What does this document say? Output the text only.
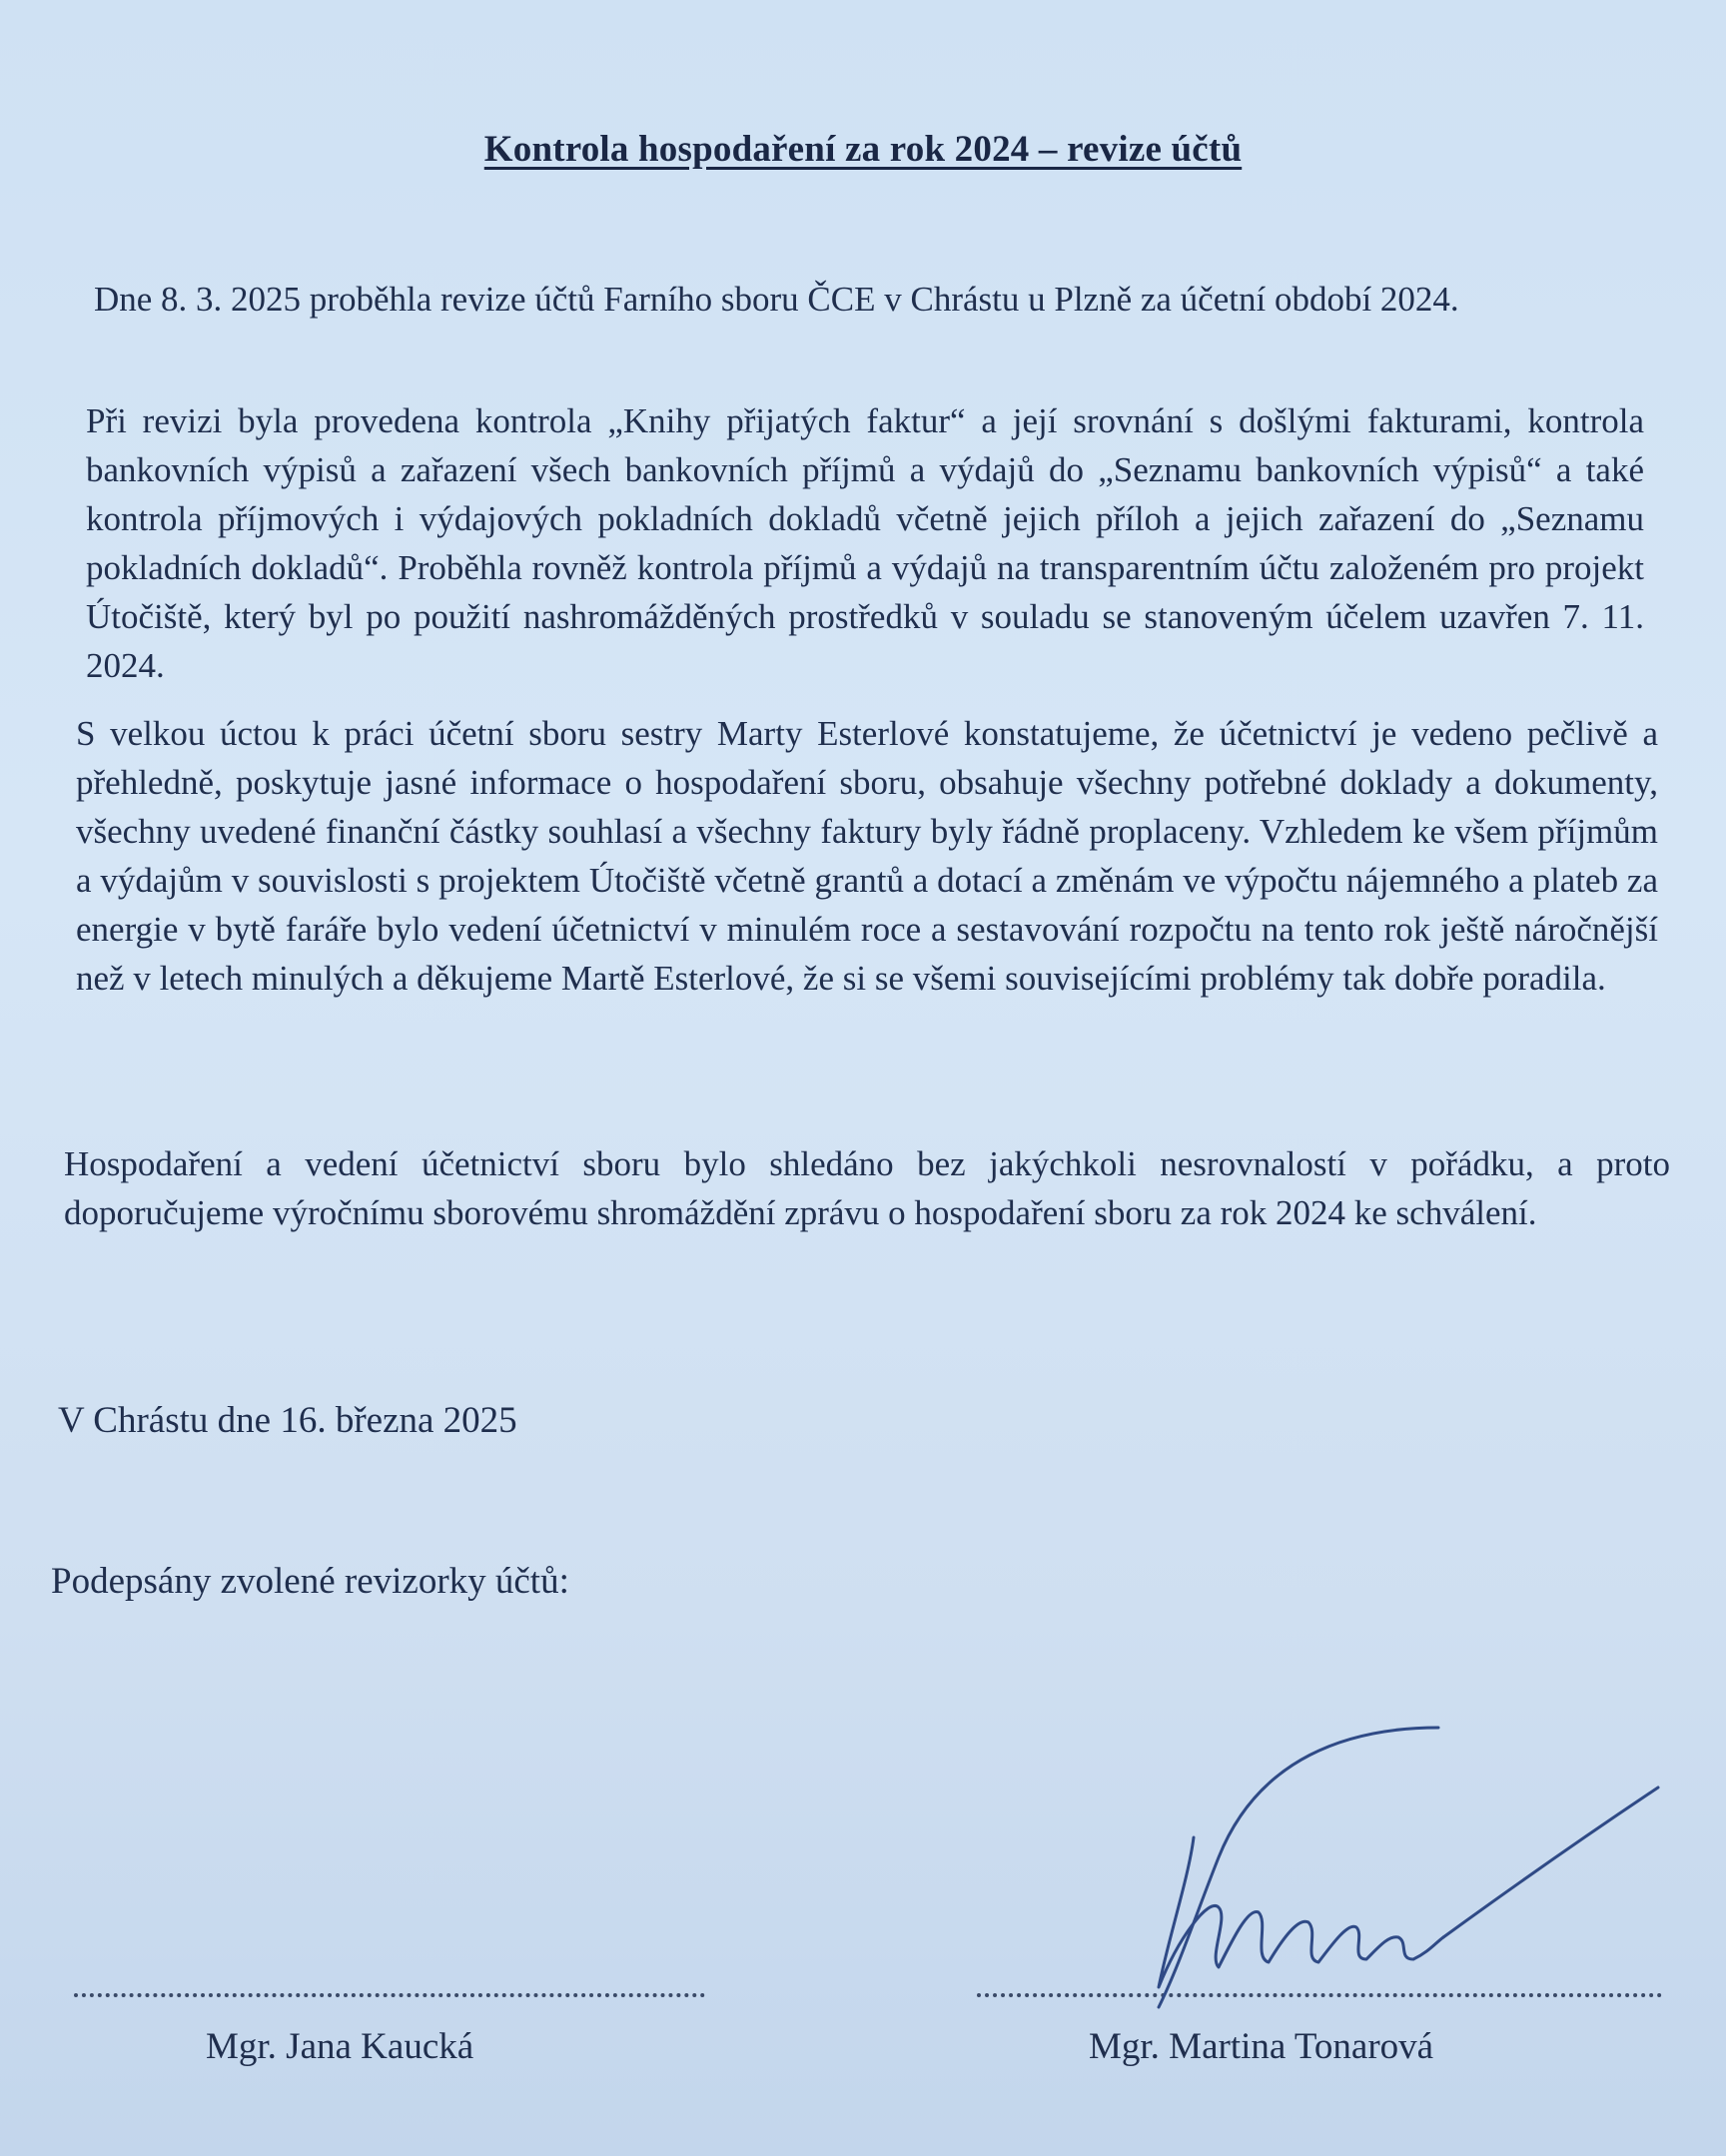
Kontrola hospodaření za rok 2024 – revize účtů

Dne 8. 3. 2025 proběhla revize účtů Farního sboru ČCE v Chrástu u Plzně za účetní období 2024.

Při revizi byla provedena kontrola „Knihy přijatých faktur“ a její srovnání s došlými fakturami, kontrola bankovních výpisů a zařazení všech bankovních příjmů a výdajů do „Seznamu bankovních výpisů“ a také kontrola příjmových i výdajových pokladních dokladů včetně jejich příloh a jejich zařazení do „Seznamu pokladních dokladů“. Proběhla rovněž kontrola příjmů a výdajů na transparentním účtu založeném pro projekt Útočiště, který byl po použití nashromážděných prostředků v souladu se stanoveným účelem uzavřen 7. 11. 2024.

S velkou úctou k práci účetní sboru sestry Marty Esterlové konstatujeme, že účetnictví je vedeno pečlivě a přehledně, poskytuje jasné informace o hospodaření sboru, obsahuje všechny potřebné doklady a dokumenty, všechny uvedené finanční částky souhlasí a všechny faktury byly řádně proplaceny. Vzhledem ke všem příjmům a výdajům v souvislosti s projektem Útočiště včetně grantů a dotací a změnám ve výpočtu nájemného a plateb za energie v bytě faráře bylo vedení účetnictví v minulém roce a sestavování rozpočtu na tento rok ještě náročnější než v letech minulých a děkujeme Martě Esterlové, že si se všemi souvisejícími problémy tak dobře poradila.

Hospodaření a vedení účetnictví sboru bylo shledáno bez jakýchkoli nesrovnalostí v pořádku, a proto doporučujeme výročnímu sborovému shromáždění zprávu o hospodaření sboru za rok 2024 ke schválení.

V Chrástu dne 16. března 2025
Podepsány zvolené revizorky účtů:
Mgr. Jana Kaucká	Mgr. Martina Tonarová
